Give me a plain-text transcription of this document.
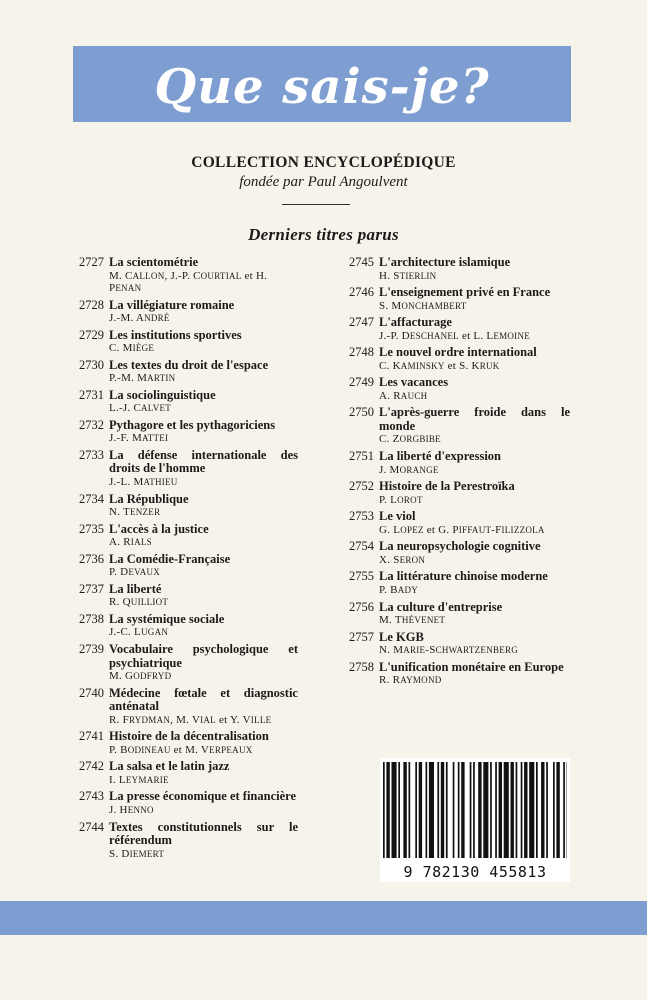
Que sais-je?
COLLECTION ENCYCLOPÉDIQUE
fondée par Paul Angoulvent
Derniers titres parus
2727 La scientométrie
M. CALLON, J.-P. COURTIAL et H. PENAN
2728 La villégiature romaine
J.-M. ANDRÉ
2729 Les institutions sportives
C. MIÈGE
2730 Les textes du droit de l'espace
P.-M. MARTIN
2731 La sociolinguistique
L.-J. CALVET
2732 Pythagore et les pythagoriciens
J.-F. MATTEI
2733 La défense internationale des droits de l'homme
J.-L. MATHIEU
2734 La République
N. TENZER
2735 L'accès à la justice
A. RIALS
2736 La Comédie-Française
P. DEVAUX
2737 La liberté
R. QUILLIOT
2738 La systémique sociale
J.-C. LUGAN
2739 Vocabulaire psychologique et psychiatrique
M. GODFRYD
2740 Médecine fœtale et diagnostic anténatal
R. FRYDMAN, M. VIAL et Y. VILLE
2741 Histoire de la décentralisation
P. BODINEAU et M. VERPEAUX
2742 La salsa et le latin jazz
I. LEYMARIE
2743 La presse économique et financière
J. HENNO
2744 Textes constitutionnels sur le référendum
S. DIEMERT
2745 L'architecture islamique
H. STIERLIN
2746 L'enseignement privé en France
S. MONCHAMBERT
2747 L'affacturage
J.-P. DESCHANEL et L. LEMOINE
2748 Le nouvel ordre international
C. KAMINSKY et S. KRUK
2749 Les vacances
A. RAUCH
2750 L'après-guerre froide dans le monde
C. ZORGBIBE
2751 La liberté d'expression
J. MORANGE
2752 Histoire de la Perestroïka
P. LOROT
2753 Le viol
G. LOPEZ et G. PIFFAUT-FILIZZOLA
2754 La neuropsychologie cognitive
X. SERON
2755 La littérature chinoise moderne
P. BADY
2756 La culture d'entreprise
M. THÉVENET
2757 Le KGB
N. MARIE-SCHWARTZENBERG
2758 L'unification monétaire en Europe
R. RAYMOND
9 782130 455813
